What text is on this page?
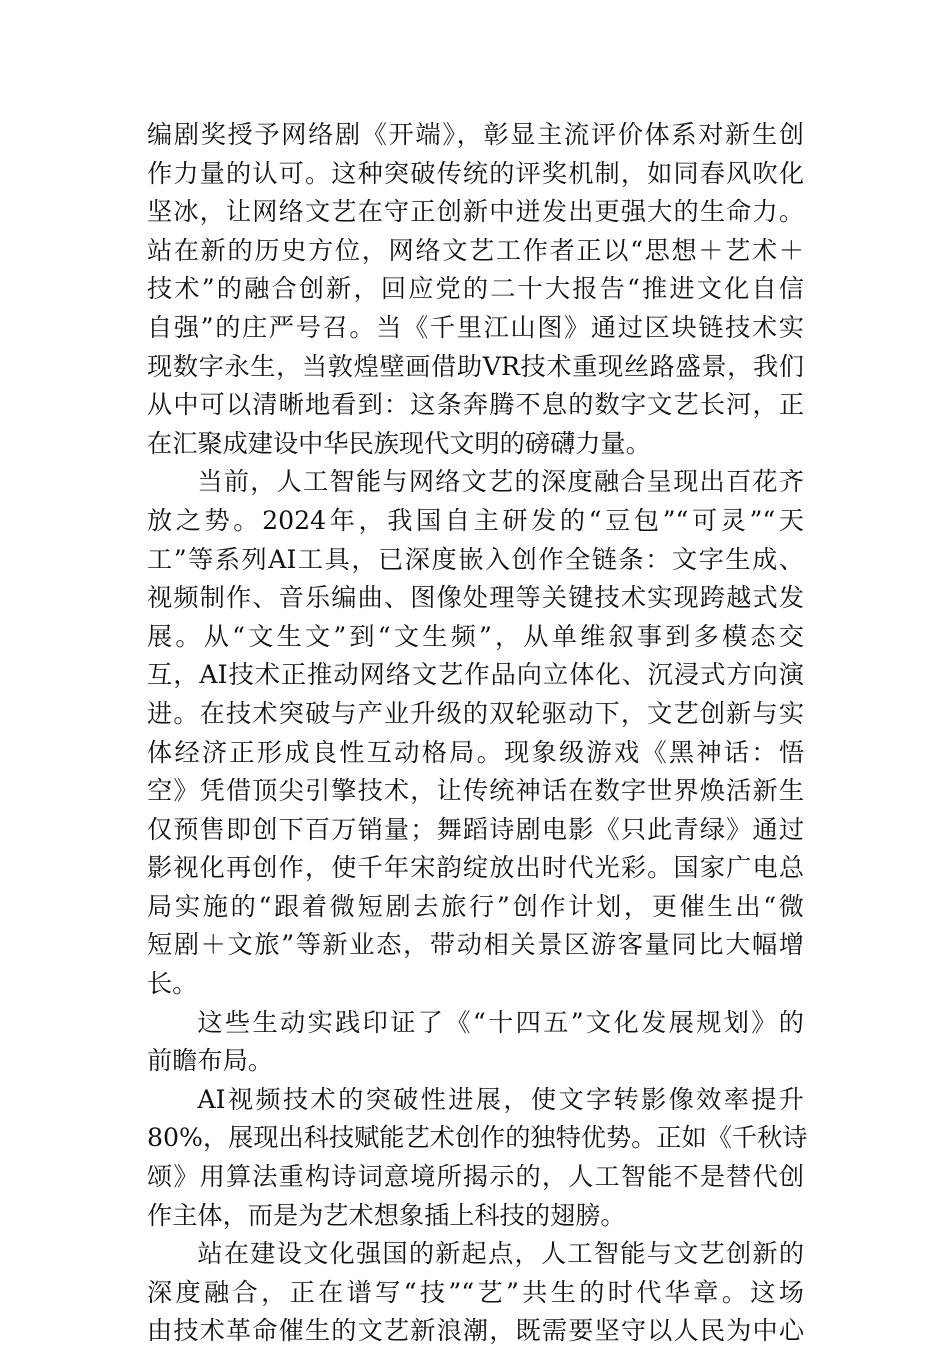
编剧奖授予网络剧《开端》，彰显主流评价体系对新生创
作力量的认可。这种突破传统的评奖机制，如同春风吹化
坚冰，让网络文艺在守正创新中迸发出更强大的生命力。
站在新的历史方位，网络文艺工作者正以“思想＋艺术＋
技术”的融合创新，回应党的二十大报告“推进文化自信
自强”的庄严号召。当《千里江山图》通过区块链技术实
现数字永生，当敦煌壁画借助VR技术重现丝路盛景，我们
从中可以清晰地看到：这条奔腾不息的数字文艺长河，正
在汇聚成建设中华民族现代文明的磅礴力量。
当前，人工智能与网络文艺的深度融合呈现出百花齐
放之势。2024年，我国自主研发的“豆包”“可灵”“天
工”等系列AI工具，已深度嵌入创作全链条：文字生成、
视频制作、音乐编曲、图像处理等关键技术实现跨越式发
展。从“文生文”到“文生频”，从单维叙事到多模态交
互，AI技术正推动网络文艺作品向立体化、沉浸式方向演
进。在技术突破与产业升级的双轮驱动下，文艺创新与实
体经济正形成良性互动格局。现象级游戏《黑神话：悟
空》凭借顶尖引擎技术，让传统神话在数字世界焕活新生
仅预售即创下百万销量；舞蹈诗剧电影《只此青绿》通过
影视化再创作，使千年宋韵绽放出时代光彩。国家广电总
局实施的“跟着微短剧去旅行”创作计划，更催生出“微
短剧＋文旅”等新业态，带动相关景区游客量同比大幅增
长。
这些生动实践印证了《“十四五”文化发展规划》的
前瞻布局。
AI视频技术的突破性进展，使文字转影像效率提升
80%，展现出科技赋能艺术创作的独特优势。正如《千秋诗
颂》用算法重构诗词意境所揭示的，人工智能不是替代创
作主体，而是为艺术想象插上科技的翅膀。
站在建设文化强国的新起点，人工智能与文艺创新的
深度融合，正在谱写“技”“艺”共生的时代华章。这场
由技术革命催生的文艺新浪潮，既需要坚守以人民为中心
